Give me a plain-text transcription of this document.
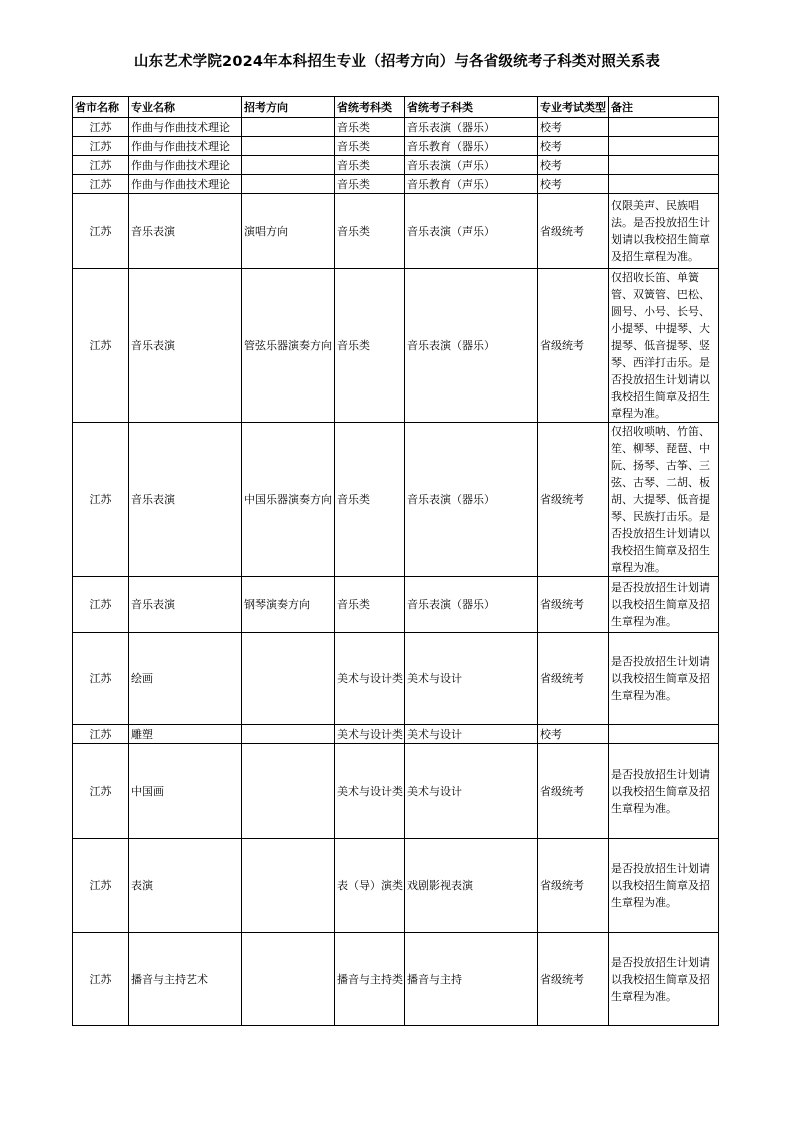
山东艺术学院2024年本科招生专业（招考方向）与各省级统考子科类对照关系表
省市名称	专业名称	招考方向	省统考科类	省统考子科类	专业考试类型	备注
江苏	作曲与作曲技术理论		音乐类	音乐表演（器乐）	校考	
江苏	作曲与作曲技术理论		音乐类	音乐教育（器乐）	校考	
江苏	作曲与作曲技术理论		音乐类	音乐表演（声乐）	校考	
江苏	作曲与作曲技术理论		音乐类	音乐教育（声乐）	校考	
江苏	音乐表演	演唱方向	音乐类	音乐表演（声乐）	省级统考	仅限美声、民族唱法。是否投放招生计划请以我校招生简章及招生章程为准。
江苏	音乐表演	管弦乐器演奏方向	音乐类	音乐表演（器乐）	省级统考	仅招收长笛、单簧管、双簧管、巴松、圆号、小号、长号、小提琴、中提琴、大提琴、低音提琴、竖琴、西洋打击乐。是否投放招生计划请以我校招生简章及招生章程为准。
江苏	音乐表演	中国乐器演奏方向	音乐类	音乐表演（器乐）	省级统考	仅招收唢呐、竹笛、笙、柳琴、琵琶、中阮、扬琴、古筝、三弦、古琴、二胡、板胡、大提琴、低音提琴、民族打击乐。是否投放招生计划请以我校招生简章及招生章程为准。
江苏	音乐表演	钢琴演奏方向	音乐类	音乐表演（器乐）	省级统考	是否投放招生计划请以我校招生简章及招生章程为准。
江苏	绘画		美术与设计类	美术与设计	省级统考	是否投放招生计划请以我校招生简章及招生章程为准。
江苏	雕塑		美术与设计类	美术与设计	校考	
江苏	中国画		美术与设计类	美术与设计	省级统考	是否投放招生计划请以我校招生简章及招生章程为准。
江苏	表演		表（导）演类	戏剧影视表演	省级统考	是否投放招生计划请以我校招生简章及招生章程为准。
江苏	播音与主持艺术		播音与主持类	播音与主持	省级统考	是否投放招生计划请以我校招生简章及招生章程为准。
